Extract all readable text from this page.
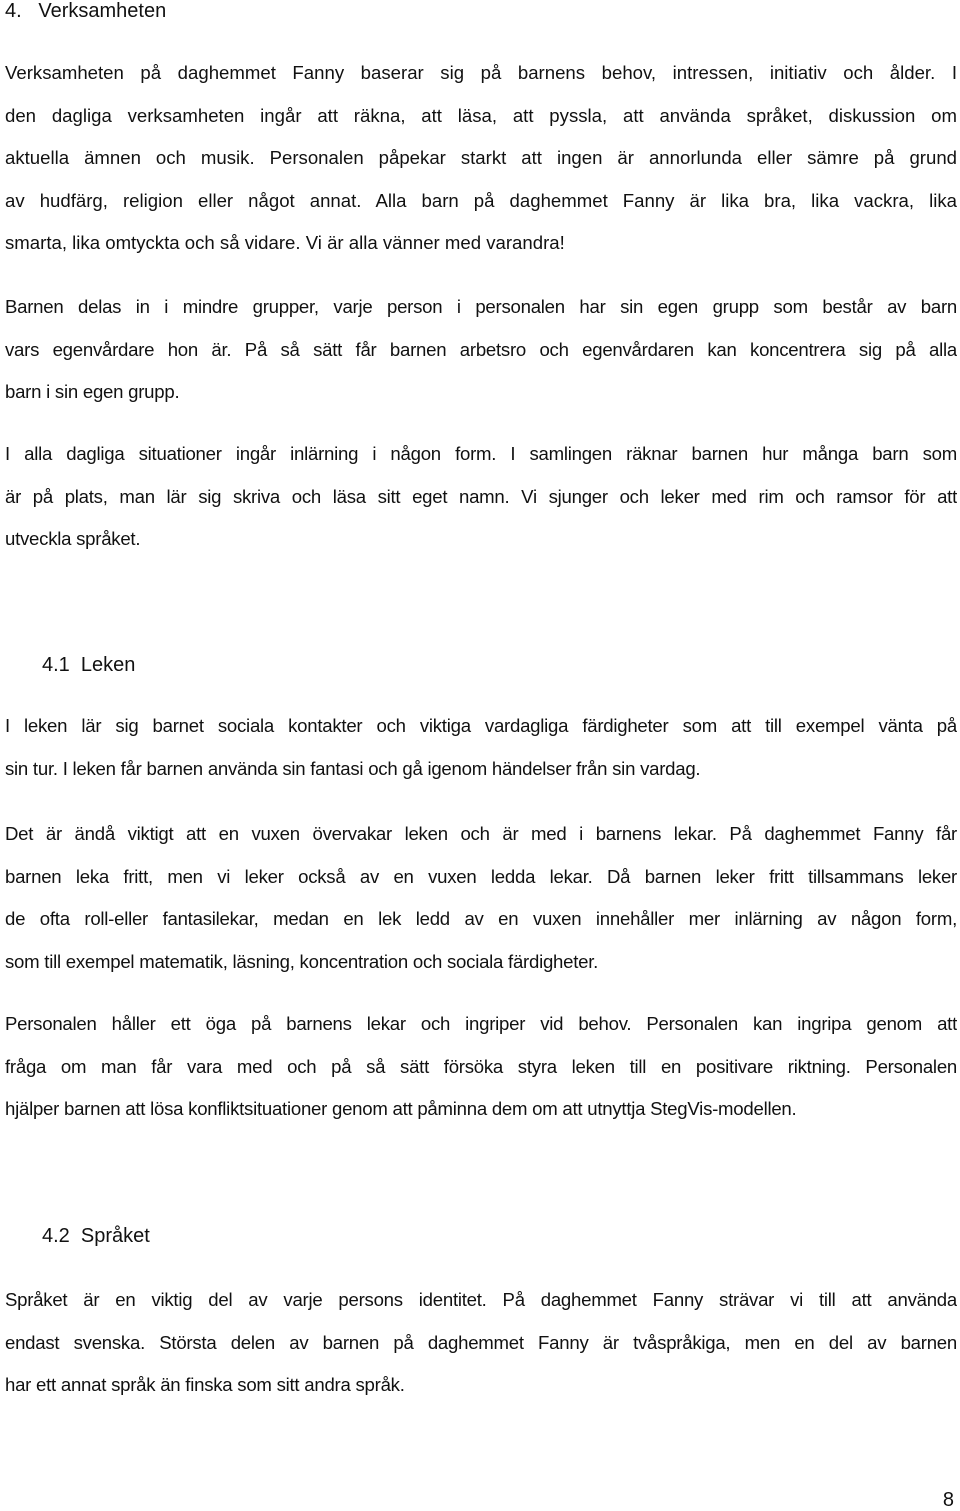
4.   Verksamheten
Verksamheten på daghemmet Fanny baserar sig på barnens behov, intressen, initiativ och ålder. I
den dagliga verksamheten ingår att räkna, att läsa, att pyssla, att använda språket, diskussion om
aktuella ämnen och musik. Personalen påpekar starkt att ingen är annorlunda eller sämre på grund
av hudfärg, religion eller något annat. Alla barn på daghemmet Fanny är lika bra, lika vackra, lika
smarta, lika omtyckta och så vidare. Vi är alla vänner med varandra!
Barnen delas in i mindre grupper, varje person i personalen har sin egen grupp som består av barn
vars egenvårdare hon är. På så sätt får barnen arbetsro och egenvårdaren kan koncentrera sig på alla
barn i sin egen grupp.
I alla dagliga situationer ingår inlärning i någon form. I samlingen räknar barnen hur många barn som
är på plats, man lär sig skriva och läsa sitt eget namn. Vi sjunger och leker med rim och ramsor för att
utveckla språket.
4.1  Leken
I leken lär sig barnet sociala kontakter och viktiga vardagliga färdigheter som att till exempel vänta på
sin tur. I leken får barnen använda sin fantasi och gå igenom händelser från sin vardag.
Det är ändå viktigt att en vuxen övervakar leken och är med i barnens lekar. På daghemmet Fanny får
barnen leka fritt, men vi leker också av en vuxen ledda lekar. Då barnen leker fritt tillsammans leker
de ofta roll-eller fantasilekar, medan en lek ledd av en vuxen innehåller mer inlärning av någon form,
som till exempel matematik, läsning, koncentration och sociala färdigheter.
Personalen håller ett öga på barnens lekar och ingriper vid behov. Personalen kan ingripa genom att
fråga om man får vara med och på så sätt försöka styra leken till en positivare riktning. Personalen
hjälper barnen att lösa konfliktsituationer genom att påminna dem om att utnyttja StegVis-modellen.
4.2  Språket
Språket är en viktig del av varje persons identitet. På daghemmet Fanny strävar vi till att använda
endast svenska. Största delen av barnen på daghemmet Fanny är tvåspråkiga, men en del av barnen
har ett annat språk än finska som sitt andra språk.
8
